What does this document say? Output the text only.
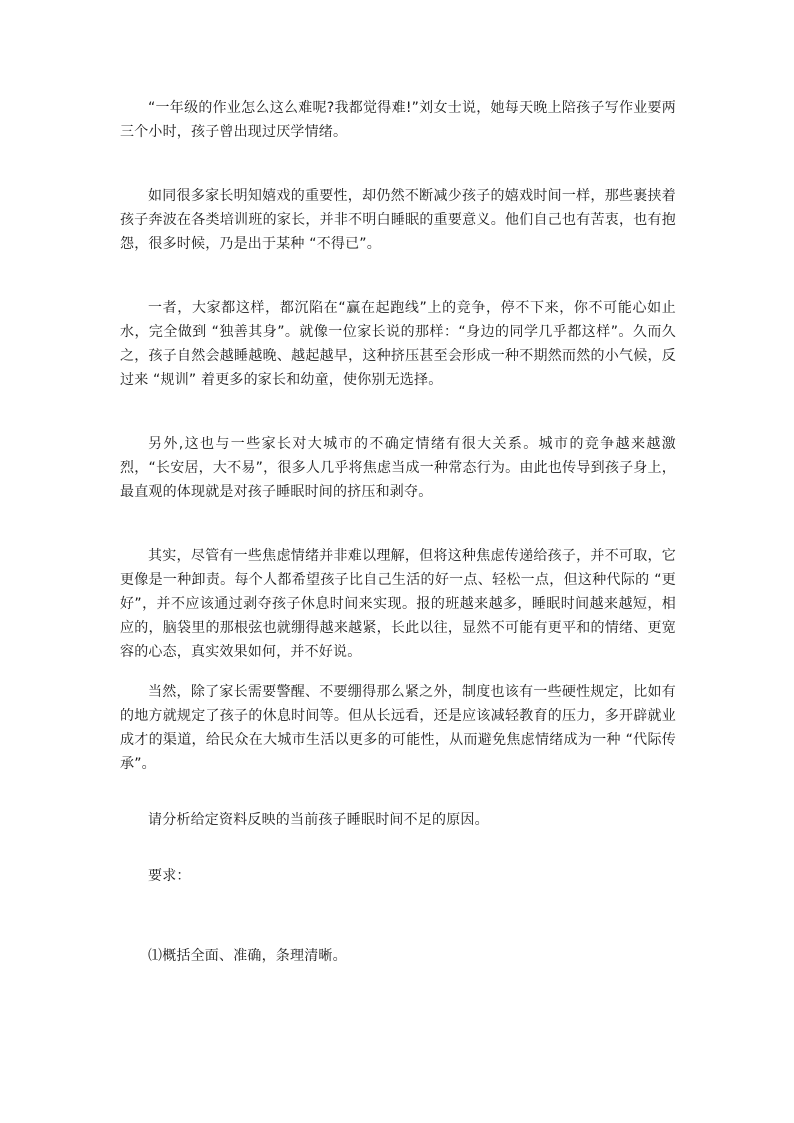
“一年级的作业怎么这么难呢?我都觉得难!”刘女士说，她每天晚上陪孩子写作业要两三个小时，孩子曾出现过厌学情绪。

如同很多家长明知嬉戏的重要性，却仍然不断减少孩子的嬉戏时间一样，那些裹挟着孩子奔波在各类培训班的家长，并非不明白睡眠的重要意义。他们自己也有苦衷，也有抱怨，很多时候，乃是出于某种 “不得已”。

一者，大家都这样，都沉陷在“赢在起跑线”上的竞争，停不下来，你不可能心如止水，完全做到 “独善其身”。就像一位家长说的那样：“身边的同学几乎都这样”。久而久之，孩子自然会越睡越晚、越起越早，这种挤压甚至会形成一种不期然而然的小气候，反过来 “规训” 着更多的家长和幼童，使你别无选择。

另外,这也与一些家长对大城市的不确定情绪有很大关系。城市的竞争越来越激烈，“长安居，大不易”，很多人几乎将焦虑当成一种常态行为。由此也传导到孩子身上，最直观的体现就是对孩子睡眠时间的挤压和剥夺。

其实，尽管有一些焦虑情绪并非难以理解，但将这种焦虑传递给孩子，并不可取，它更像是一种卸责。每个人都希望孩子比自己生活的好一点、轻松一点，但这种代际的 “更好”，并不应该通过剥夺孩子休息时间来实现。报的班越来越多，睡眠时间越来越短，相应的，脑袋里的那根弦也就绷得越来越紧，长此以往，显然不可能有更平和的情绪、更宽容的心态，真实效果如何，并不好说。

当然，除了家长需要警醒、不要绷得那么紧之外，制度也该有一些硬性规定，比如有的地方就规定了孩子的休息时间等。但从长远看，还是应该减轻教育的压力，多开辟就业成才的渠道，给民众在大城市生活以更多的可能性，从而避免焦虑情绪成为一种 “代际传承”。

请分析给定资料反映的当前孩子睡眠时间不足的原因。

要求：

⑴概括全面、准确，条理清晰。
